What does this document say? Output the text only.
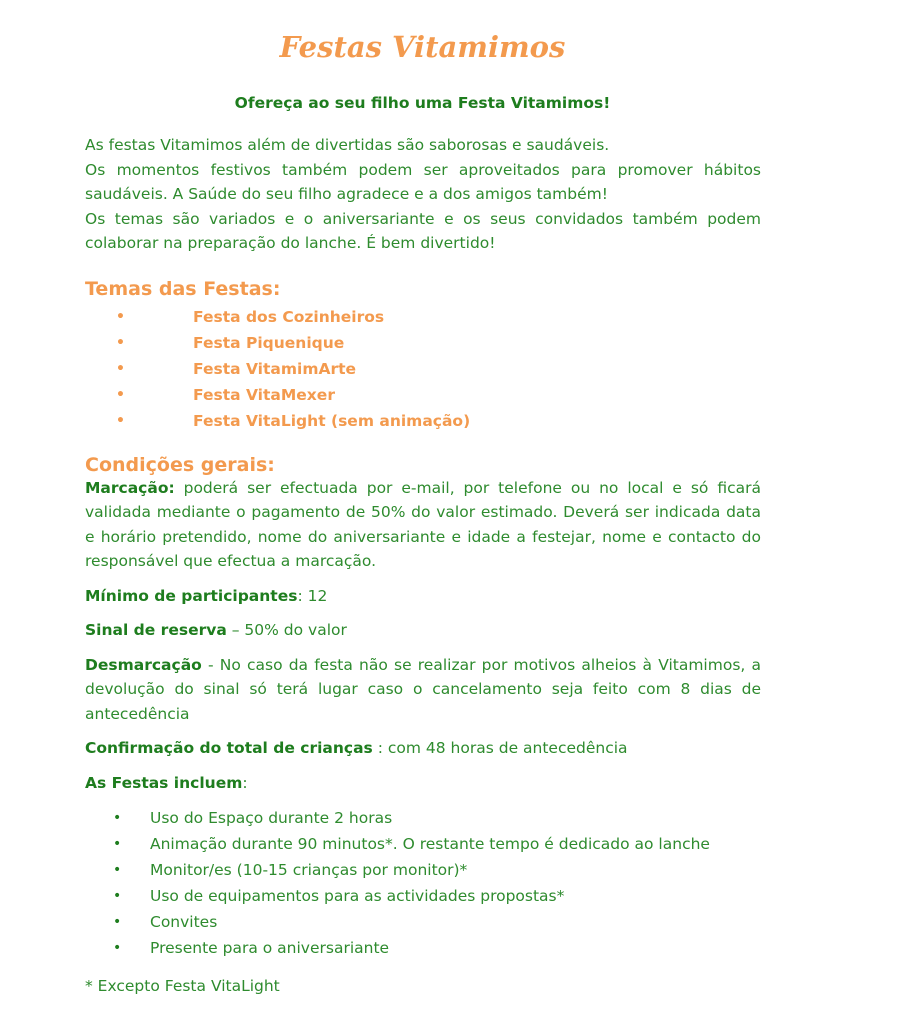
Festas Vitamimos
Ofereça ao seu filho uma Festa Vitamimos!

As festas Vitamimos além de divertidas são saborosas e saudáveis.

Os momentos festivos também podem ser aproveitados para promover hábitos saudáveis. A Saúde do seu filho agradece e a dos amigos também!

Os temas são variados e o aniversariante e os seus convidados também podem colaborar na preparação do lanche. É bem divertido!

Temas das Festas:
•	Festa dos Cozinheiros
•	Festa Piquenique
•	Festa VitamimArte
•	Festa VitaMexer
•	Festa VitaLight (sem animação)
Condições gerais:

Marcação: poderá ser efectuada por e-mail, por telefone ou no local e só ficará validada mediante o pagamento de 50% do valor estimado. Deverá ser indicada data e horário pretendido, nome do aniversariante e idade a festejar, nome e contacto do responsável que efectua a marcação.

Mínimo de participantes: 12

Sinal de reserva – 50% do valor

Desmarcação - No caso da festa não se realizar por motivos alheios à Vitamimos, a devolução do sinal só terá lugar caso o cancelamento seja feito com 8 dias de antecedência

Confirmação do total de crianças : com 48 horas de antecedência

As Festas incluem:

• Uso do Espaço durante 2 horas
• Animação durante 90 minutos*. O restante tempo é dedicado ao lanche
• Monitor/es (10-15 crianças por monitor)*
• Uso de equipamentos para as actividades propostas*
• Convites
• Presente para o aniversariante

* Excepto Festa VitaLight
